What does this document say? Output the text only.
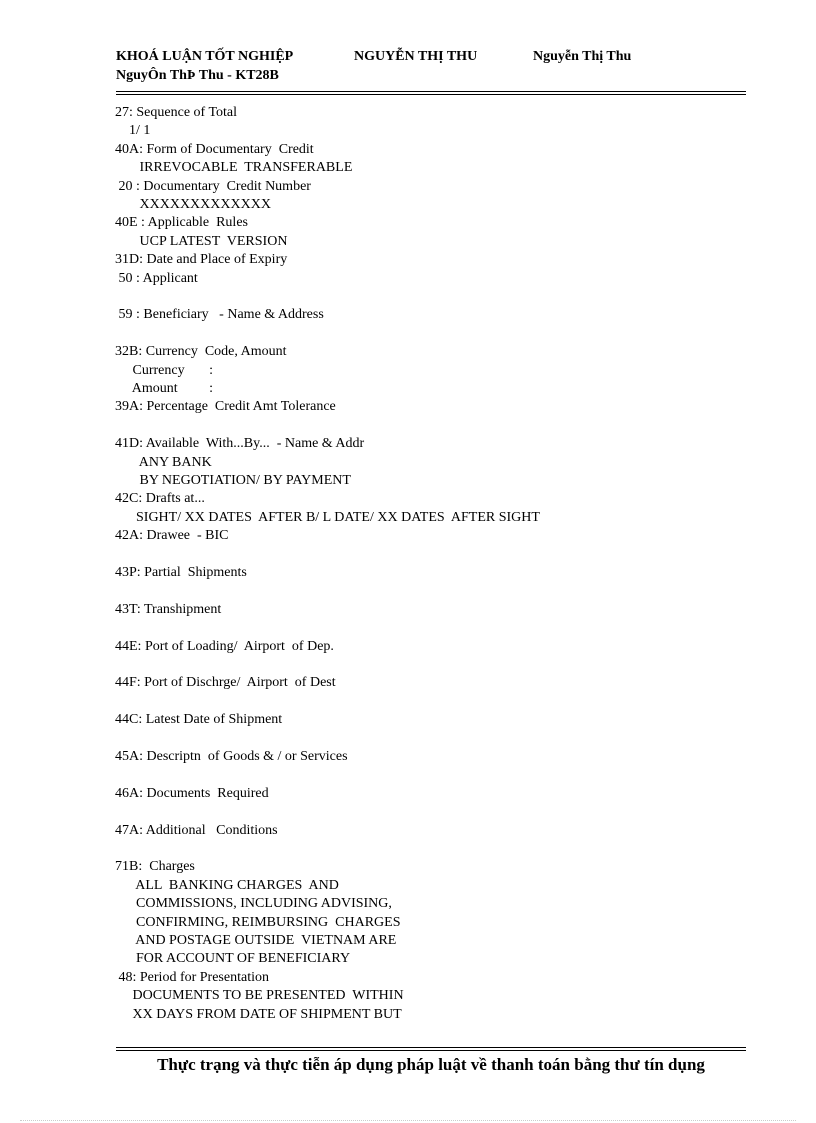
KHOÁ LUẬN TỐT NGHIỆP	NGUYỄN THỊ THU	Nguyễn Thị Thu
NguyÔn ThÞ Thu - KT28B
27: Sequence of Total
1/ 1
40A: Form of Documentary  Credit
IRREVOCABLE  TRANSFERABLE
20 : Documentary  Credit Number
XXXXXXXXXXXXX
40E : Applicable  Rules
UCP LATEST  VERSION
31D: Date and Place of Expiry
50 : Applicant
59 : Beneficiary   - Name & Address
32B: Currency  Code, Amount
Currency       :
Amount         :
39A: Percentage  Credit Amt Tolerance
41D: Available  With...By...  - Name & Addr
ANY BANK
BY NEGOTIATION/ BY PAYMENT
42C: Drafts at...
SIGHT/ XX DATES  AFTER B/ L DATE/ XX DATES  AFTER SIGHT
42A: Drawee  - BIC
43P: Partial  Shipments
43T: Transhipment
44E: Port of Loading/  Airport  of Dep.
44F: Port of Dischrge/  Airport  of Dest
44C: Latest Date of Shipment
45A: Descriptn  of Goods & / or Services
46A: Documents  Required
47A: Additional   Conditions
71B:  Charges
ALL  BANKING CHARGES  AND
COMMISSIONS, INCLUDING ADVISING,
CONFIRMING, REIMBURSING  CHARGES
AND POSTAGE OUTSIDE  VIETNAM ARE
FOR ACCOUNT OF BENEFICIARY
48: Period for Presentation
DOCUMENTS TO BE PRESENTED  WITHIN
XX DAYS FROM DATE OF SHIPMENT BUT
Thực trạng và thực tiễn áp dụng pháp luật về thanh toán bằng thư tín dụng
